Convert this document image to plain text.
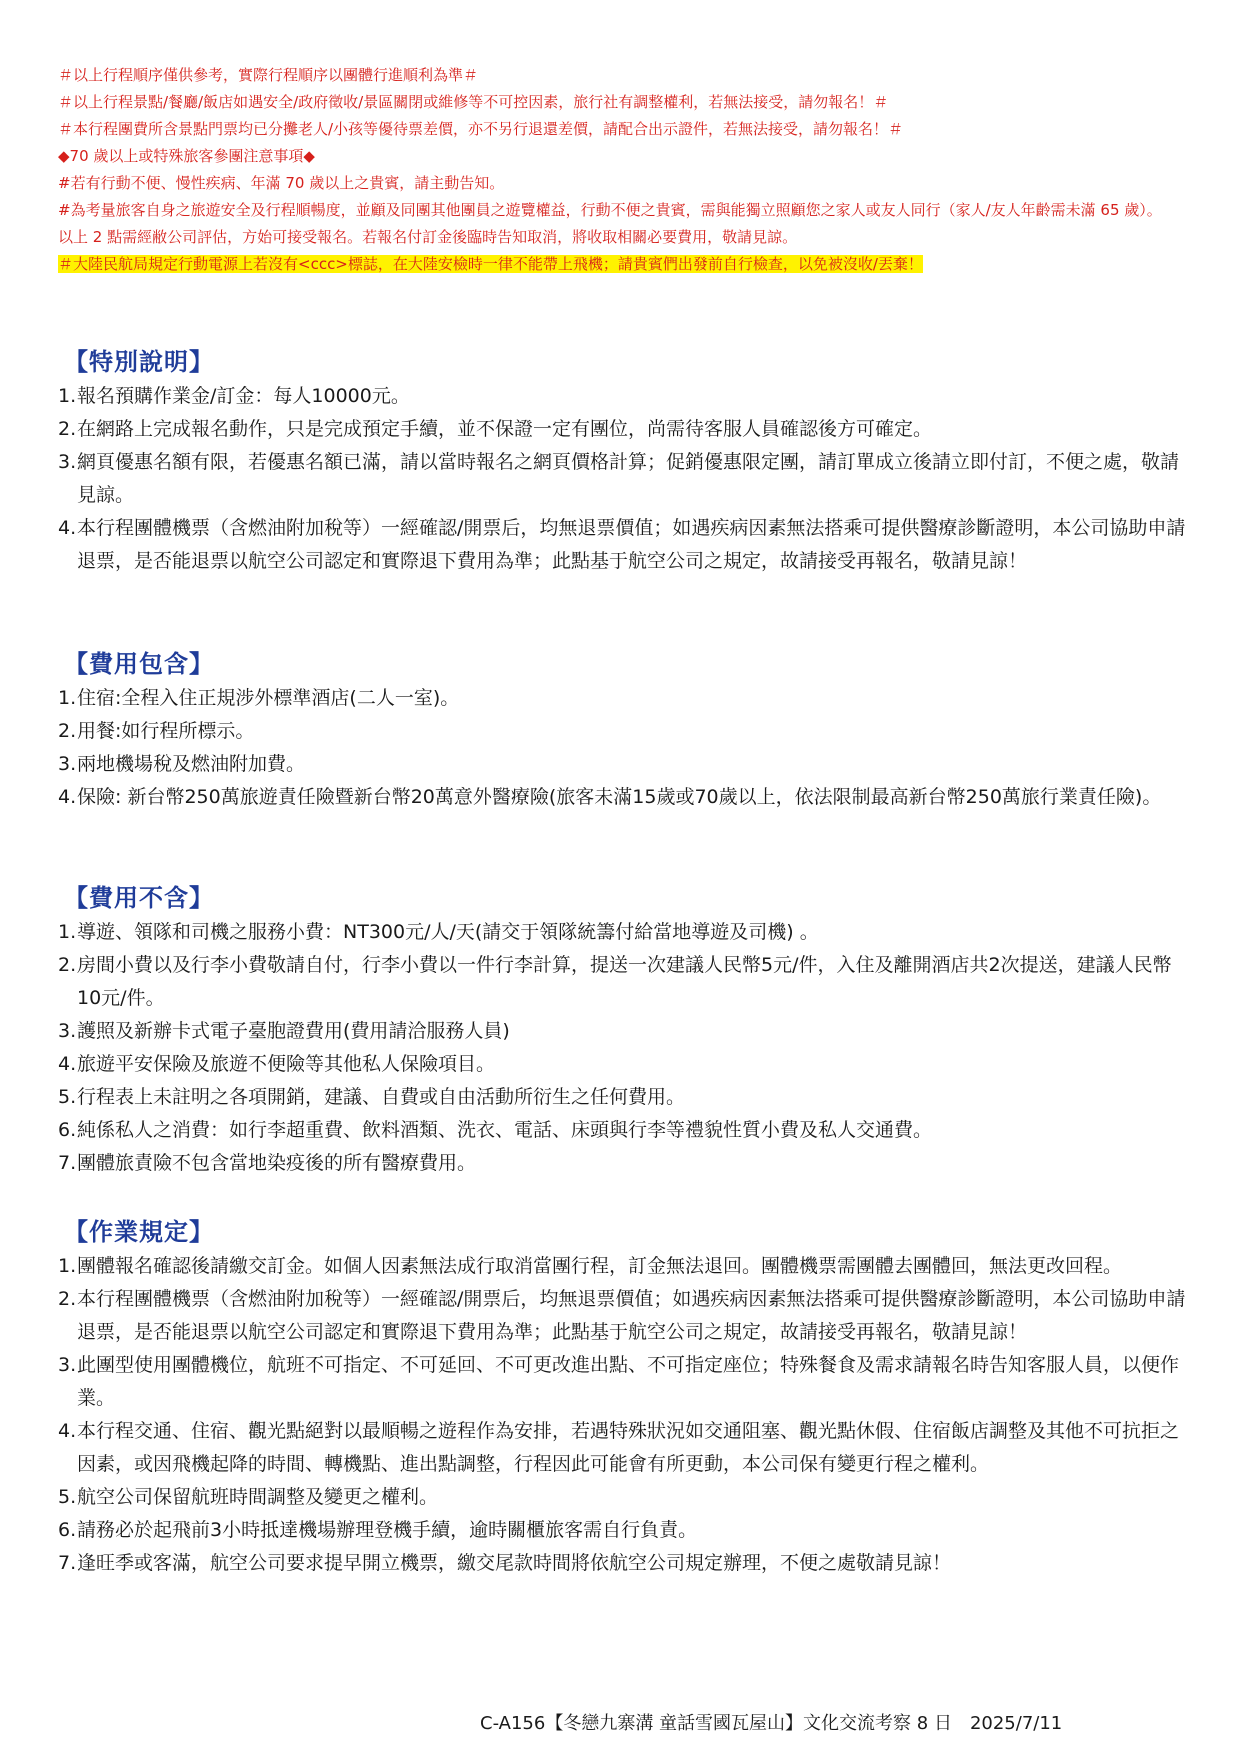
＃以上行程順序僅供參考，實際行程順序以團體行進順利為準＃
＃以上行程景點/餐廳/飯店如遇安全/政府徵收/景區關閉或維修等不可控因素，旅行社有調整權利，若無法接受，請勿報名！＃
＃本行程團費所含景點門票均已分攤老人/小孩等優待票差價，亦不另行退還差價，請配合出示證件，若無法接受，請勿報名！＃
◆70 歲以上或特殊旅客參團注意事項◆
#若有行動不便、慢性疾病、年滿 70 歲以上之貴賓，請主動告知。
#為考量旅客自身之旅遊安全及行程順暢度，並顧及同團其他團員之遊覽權益，行動不便之貴賓，需與能獨立照顧您之家人或友人同行（家人/友人年齡需未滿 65 歲）。
以上 2 點需經敝公司評估，方始可接受報名。若報名付訂金後臨時告知取消，將收取相關必要費用，敬請見諒。
＃大陸民航局規定行動電源上若沒有<ccc>標誌，在大陸安檢時一律不能帶上飛機；請貴賓們出發前自行檢查，以免被沒收/丟棄！
【特別說明】
1. 報名預購作業金/訂金：每人10000元。
2. 在網路上完成報名動作，只是完成預定手續，並不保證一定有團位，尚需待客服人員確認後方可確定。
3. 網頁優惠名額有限，若優惠名額已滿，請以當時報名之網頁價格計算；促銷優惠限定團，請訂單成立後請立即付訂，不便之處，敬請見諒。
4. 本行程團體機票（含燃油附加稅等）一經確認/開票后，均無退票價值；如遇疾病因素無法搭乘可提供醫療診斷證明，本公司協助申請退票，是否能退票以航空公司認定和實際退下費用為準；此點基于航空公司之規定，故請接受再報名，敬請見諒！
【費用包含】
1. 住宿:全程入住正規涉外標準酒店(二人一室)。
2. 用餐:如行程所標示。
3. 兩地機場稅及燃油附加費。
4. 保險: 新台幣250萬旅遊責任險暨新台幣20萬意外醫療險(旅客未滿15歲或70歲以上，依法限制最高新台幣250萬旅行業責任險)。
【費用不含】
1. 導遊、領隊和司機之服務小費：NT300元/人/天(請交于領隊統籌付給當地導遊及司機) 。
2. 房間小費以及行李小費敬請自付，行李小費以一件行李計算，提送一次建議人民幣5元/件，入住及離開酒店共2次提送，建議人民幣10元/件。
3. 護照及新辦卡式電子臺胞證費用(費用請洽服務人員)
4. 旅遊平安保險及旅遊不便險等其他私人保險項目。
5. 行程表上未註明之各項開銷，建議、自費或自由活動所衍生之任何費用。
6. 純係私人之消費：如行李超重費、飲料酒類、洗衣、電話、床頭與行李等禮貌性質小費及私人交通費。
7. 團體旅責險不包含當地染疫後的所有醫療費用。
【作業規定】
1. 團體報名確認後請繳交訂金。如個人因素無法成行取消當團行程，訂金無法退回。團體機票需團體去團體回，無法更改回程。
2. 本行程團體機票（含燃油附加稅等）一經確認/開票后，均無退票價值；如遇疾病因素無法搭乘可提供醫療診斷證明，本公司協助申請退票，是否能退票以航空公司認定和實際退下費用為準；此點基于航空公司之規定，故請接受再報名，敬請見諒！
3. 此團型使用團體機位，航班不可指定、不可延回、不可更改進出點、不可指定座位；特殊餐食及需求請報名時告知客服人員，以便作業。
4. 本行程交通、住宿、觀光點絕對以最順暢之遊程作為安排，若遇特殊狀況如交通阻塞、觀光點休假、住宿飯店調整及其他不可抗拒之因素，或因飛機起降的時間、轉機點、進出點調整，行程因此可能會有所更動，本公司保有變更行程之權利。
5. 航空公司保留航班時間調整及變更之權利。
6. 請務必於起飛前3小時抵達機場辦理登機手續，逾時關櫃旅客需自行負責。
7. 逢旺季或客滿，航空公司要求提早開立機票，繳交尾款時間將依航空公司規定辦理，不便之處敬請見諒！
C-A156【冬戀九寨溝 童話雪國瓦屋山】文化交流考察 8 日　2025/7/11
